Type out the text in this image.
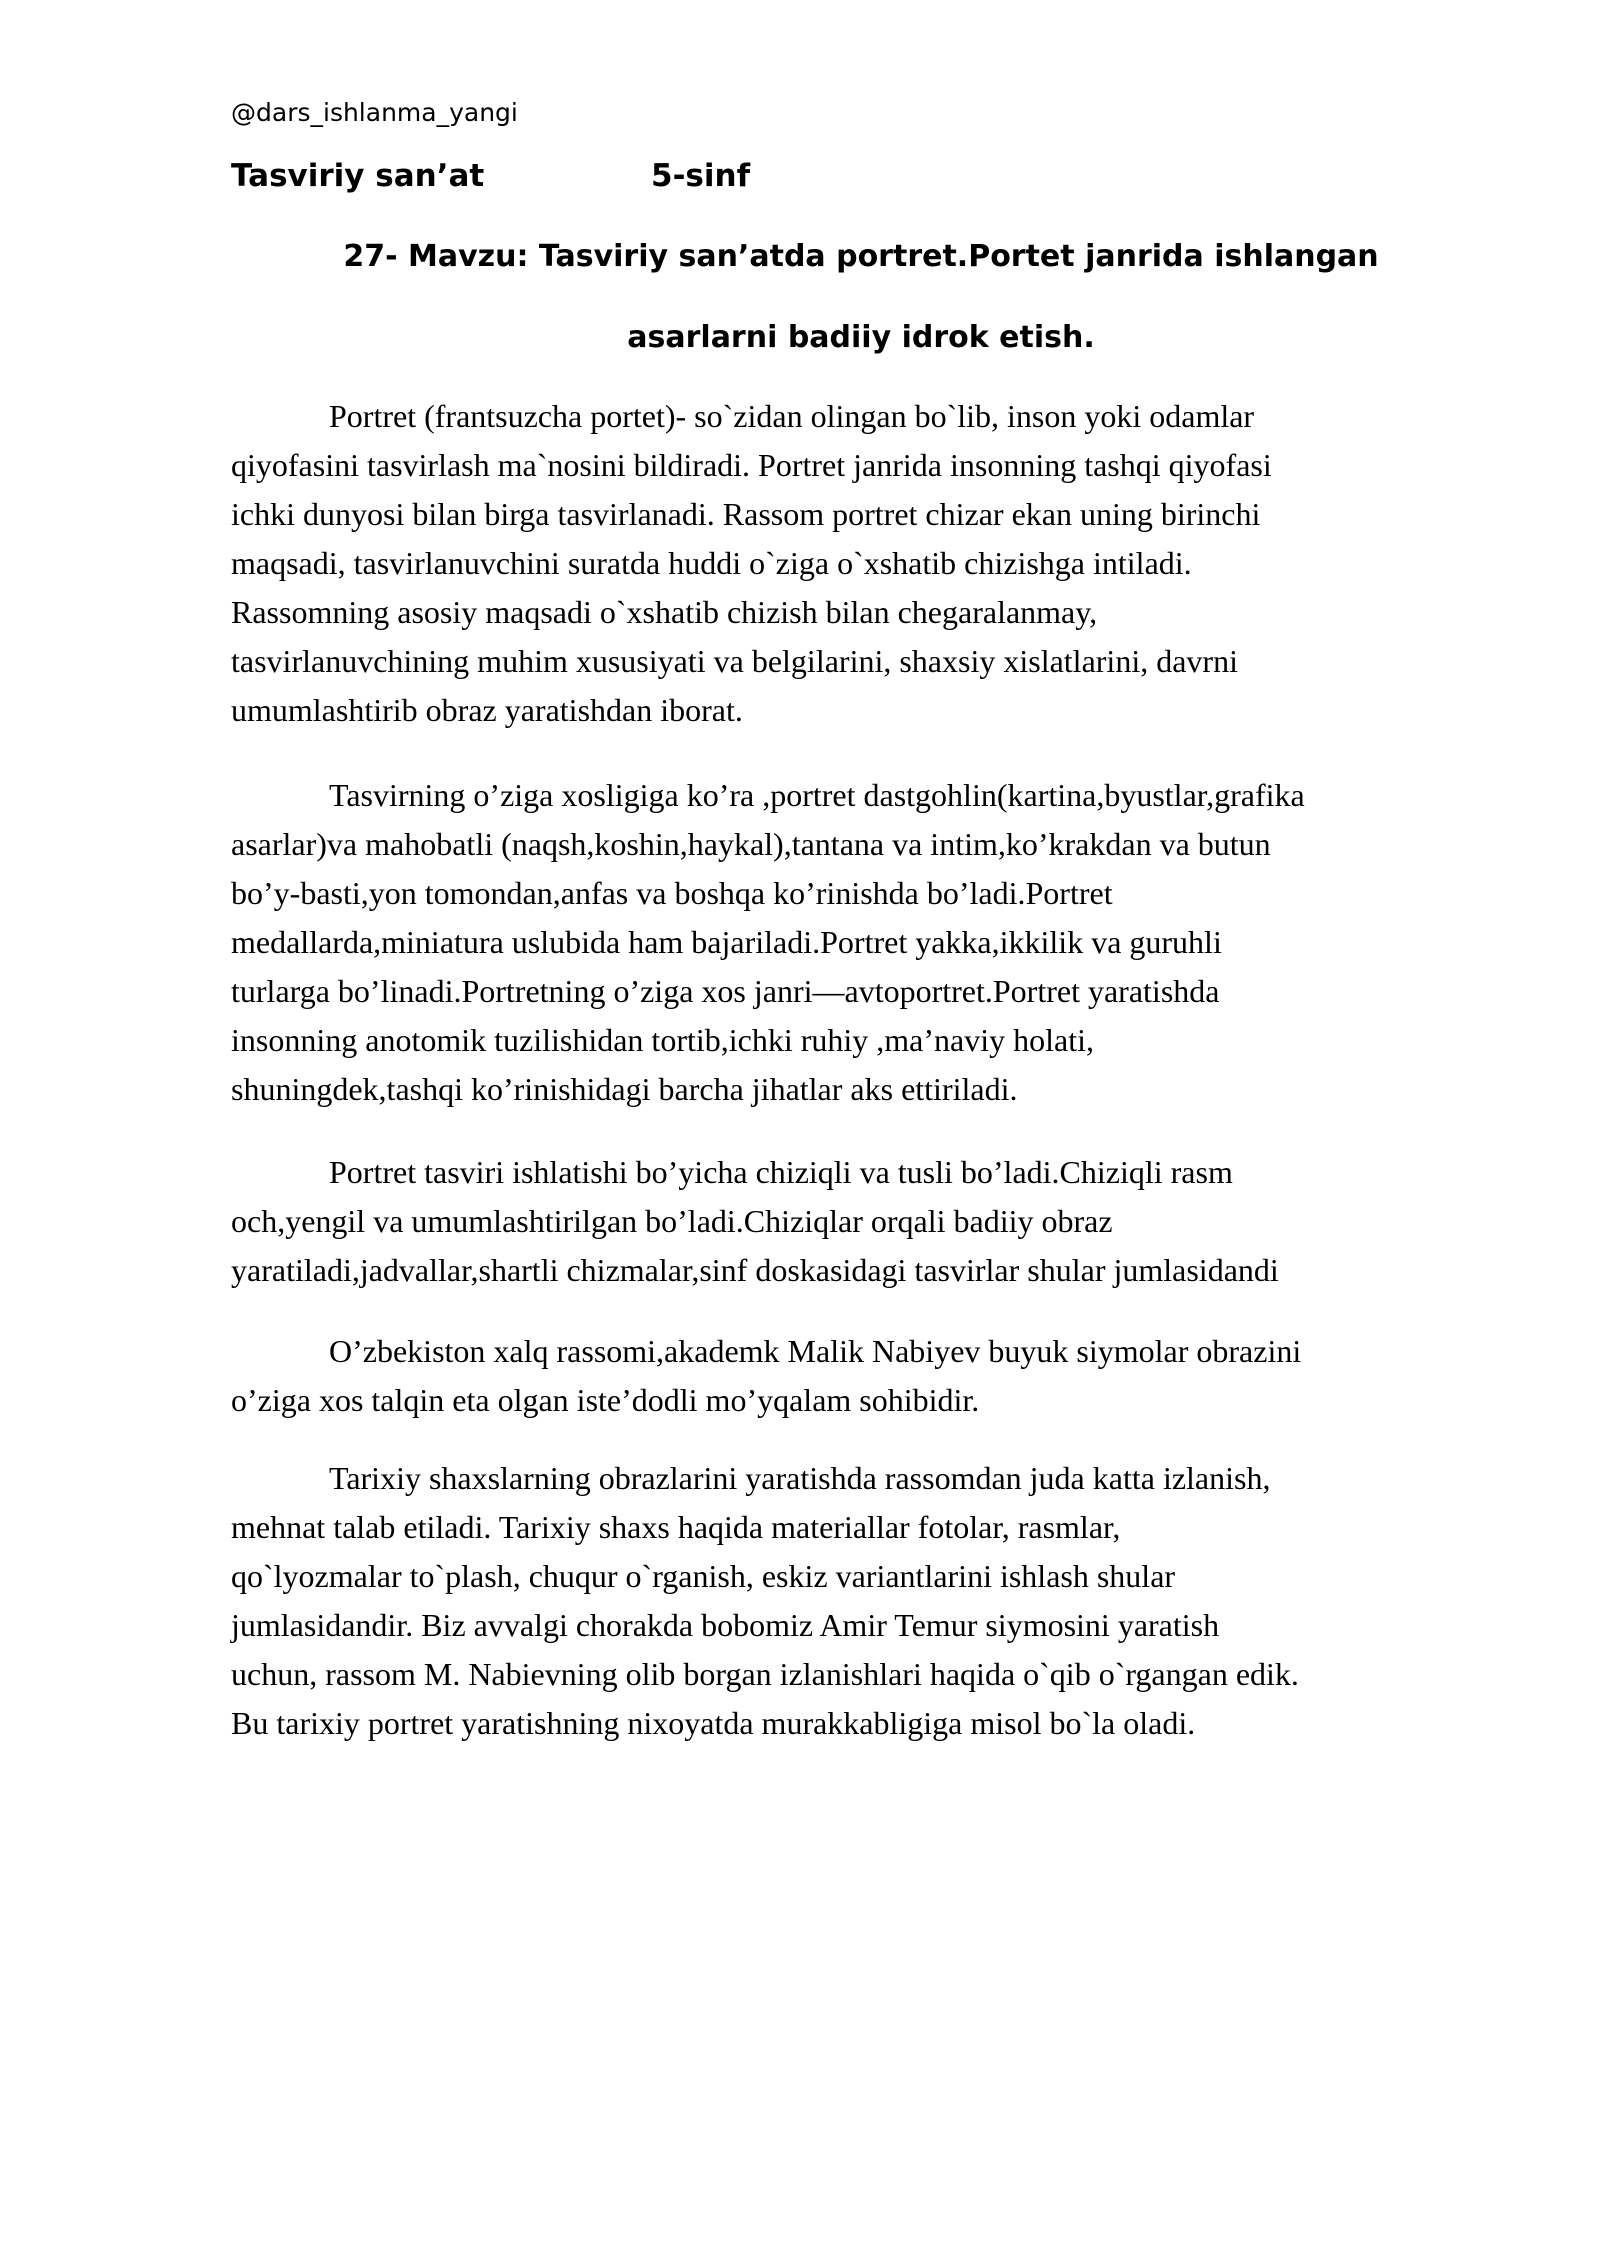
@dars_ishlanma_yangi
Tasviriy san’at	5-sinf
27- Mavzu: Tasviriy san’atda portret.Portet janrida ishlangan
asarlarni badiiy idrok etish.
Portret (frantsuzcha portet)- so`zidan olingan bo`lib, inson yoki odamlar
qiyofasini tasvirlash ma`nosini bildiradi. Portret janrida insonning tashqi qiyofasi
ichki dunyosi bilan birga tasvirlanadi. Rassom portret chizar ekan uning birinchi
maqsadi, tasvirlanuvchini suratda huddi o`ziga o`xshatib chizishga intiladi.
Rassomning asosiy maqsadi o`xshatib chizish bilan chegaralanmay,
tasvirlanuvchining muhim xususiyati va belgilarini, shaxsiy xislatlarini, davrni
umumlashtirib obraz yaratishdan iborat.
Tasvirning o’ziga xosligiga ko’ra ,portret dastgohlin(kartina,byustlar,grafika
asarlar)va mahobatli (naqsh,koshin,haykal),tantana va intim,ko’krakdan va butun
bo’y-basti,yon tomondan,anfas va boshqa ko’rinishda bo’ladi.Portret
medallarda,miniatura uslubida ham bajariladi.Portret yakka,ikkilik va guruhli
turlarga bo’linadi.Portretning o’ziga xos janri—avtoportret.Portret yaratishda
insonning anotomik tuzilishidan tortib,ichki ruhiy ,ma’naviy holati,
shuningdek,tashqi ko’rinishidagi barcha jihatlar aks ettiriladi.
Portret tasviri ishlatishi bo’yicha chiziqli va tusli bo’ladi.Chiziqli rasm
och,yengil va umumlashtirilgan bo’ladi.Chiziqlar orqali badiiy obraz
yaratiladi,jadvallar,shartli chizmalar,sinf doskasidagi tasvirlar shular jumlasidandi
O’zbekiston xalq rassomi,akademk Malik Nabiyev buyuk siymolar obrazini
o’ziga xos talqin eta olgan iste’dodli mo’yqalam sohibidir.
Tarixiy shaxslarning obrazlarini yaratishda rassomdan juda katta izlanish,
mehnat talab etiladi. Tarixiy shaxs haqida materiallar fotolar, rasmlar,
qo`lyozmalar to`plash, chuqur o`rganish, eskiz variantlarini ishlash shular
jumlasidandir. Biz avvalgi chorakda bobomiz Amir Temur siymosini yaratish
uchun, rassom M. Nabievning olib borgan izlanishlari haqida o`qib o`rgangan edik.
Bu tarixiy portret yaratishning nixoyatda murakkabligiga misol bo`la oladi.
